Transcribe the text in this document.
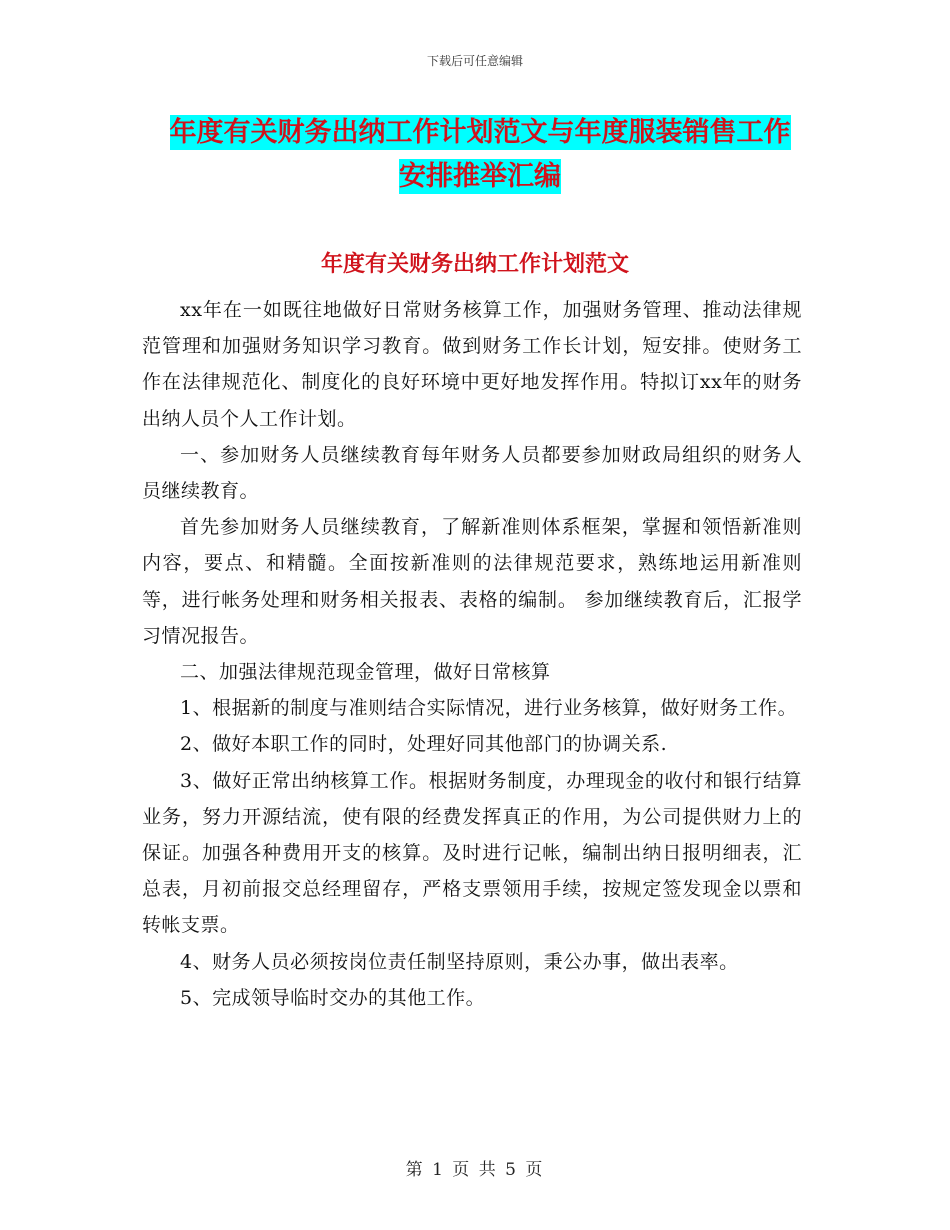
下载后可任意编辑
年度有关财务出纳工作计划范文与年度服装销售工作
安排推举汇编
年度有关财务出纳工作计划范文

xx年在一如既往地做好日常财务核算工作，加强财务管理、推动法律规范管理和加强财务知识学习教育。做到财务工作长计划，短安排。使财务工作在法律规范化、制度化的良好环境中更好地发挥作用。特拟订xx年的财务出纳人员个人工作计划。

一、参加财务人员继续教育每年财务人员都要参加财政局组织的财务人员继续教育。

首先参加财务人员继续教育，了解新准则体系框架，掌握和领悟新准则内容，要点、和精髓。全面按新准则的法律规范要求，熟练地运用新准则等，进行帐务处理和财务相关报表、表格的编制。 参加继续教育后，汇报学习情况报告。

二、加强法律规范现金管理，做好日常核算

1、根据新的制度与准则结合实际情况，进行业务核算，做好财务工作。

2、做好本职工作的同时，处理好同其他部门的协调关系.

3、做好正常出纳核算工作。根据财务制度，办理现金的收付和银行结算业务，努力开源结流，使有限的经费发挥真正的作用，为公司提供财力上的保证。加强各种费用开支的核算。及时进行记帐，编制出纳日报明细表，汇总表，月初前报交总经理留存，严格支票领用手续，按规定签发现金以票和转帐支票。

4、财务人员必须按岗位责任制坚持原则，秉公办事，做出表率。

5、完成领导临时交办的其他工作。

第 1 页 共 5 页
